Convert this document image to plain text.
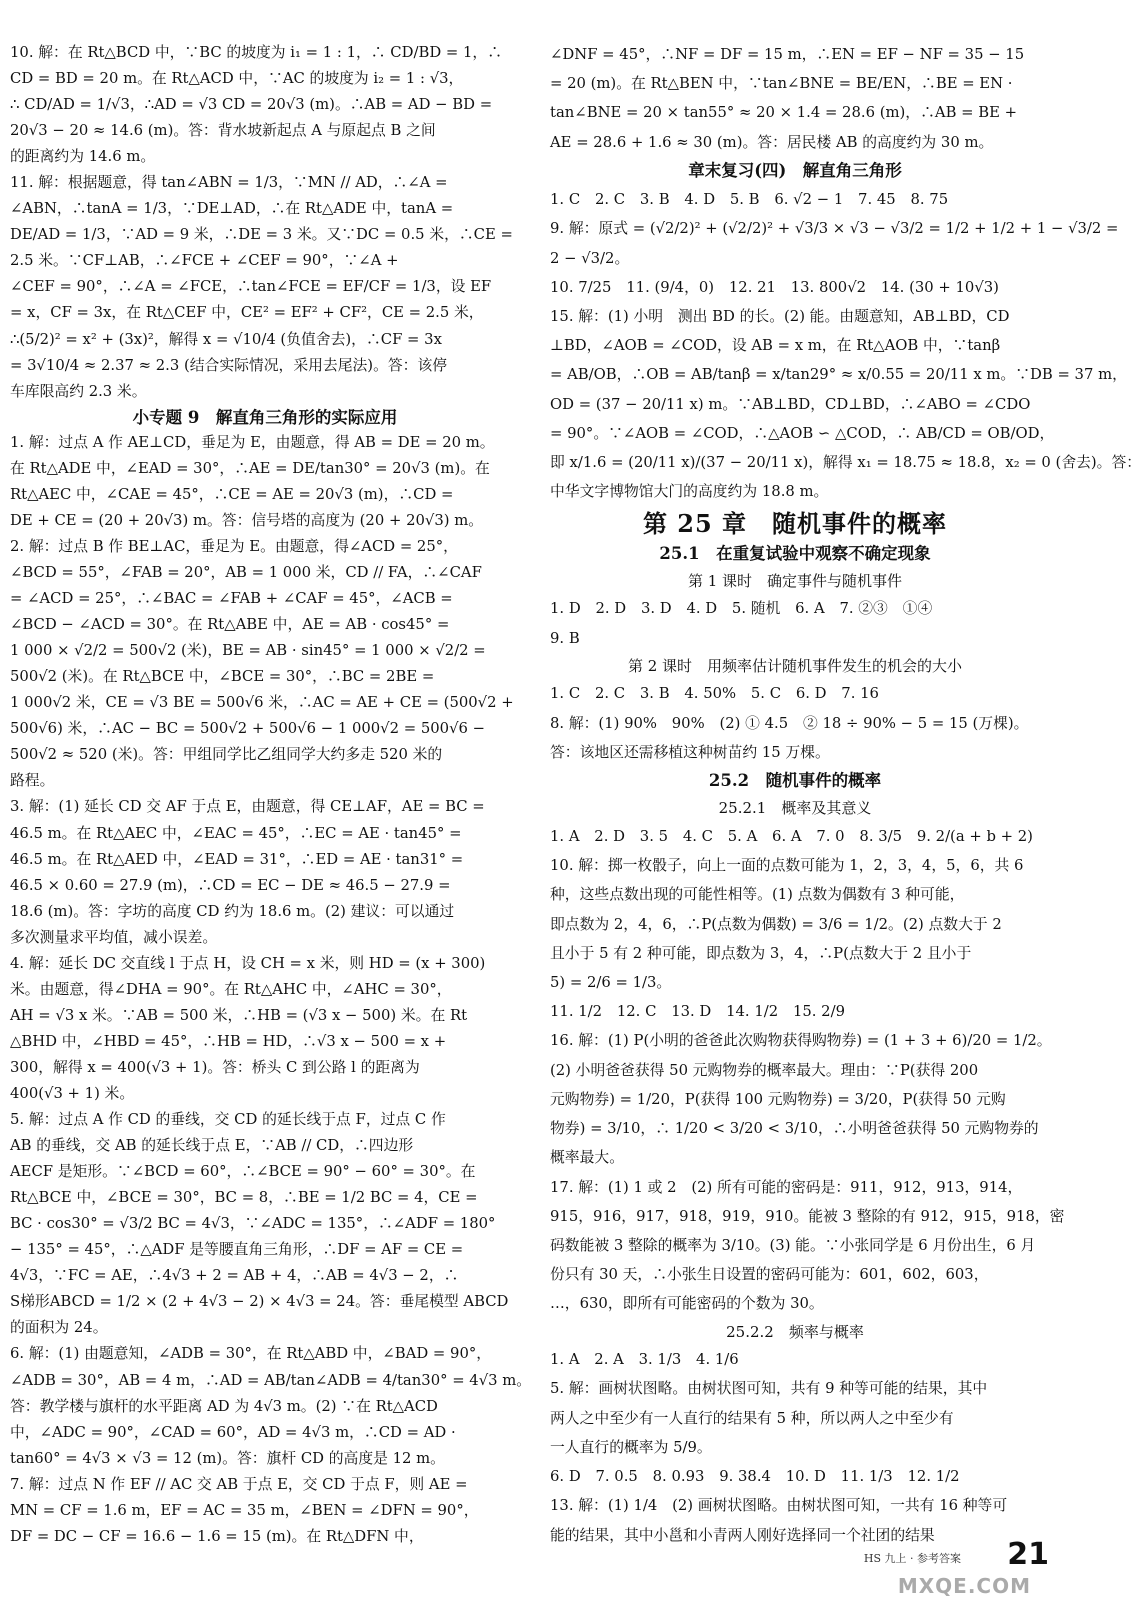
10. 解：在 Rt△BCD 中，∵BC 的坡度为 i₁ = 1 : 1，∴ CD/BD = 1，∴
CD = BD = 20 m。在 Rt△ACD 中，∵AC 的坡度为 i₂ = 1 : √3，
∴ CD/AD = 1/√3，∴AD = √3 CD = 20√3 (m)。∴AB = AD − BD =
20√3 − 20 ≈ 14.6 (m)。答：背水坡新起点 A 与原起点 B 之间
的距离约为 14.6 m。
11. 解：根据题意，得 tan∠ABN = 1/3，∵MN // AD，∴∠A =
∠ABN，∴tanA = 1/3，∵DE⊥AD，∴在 Rt△ADE 中，tanA =
DE/AD = 1/3，∵AD = 9 米，∴DE = 3 米。又∵DC = 0.5 米，∴CE =
2.5 米。∵CF⊥AB，∴∠FCE + ∠CEF = 90°，∵∠A +
∠CEF = 90°，∴∠A = ∠FCE，∴tan∠FCE = EF/CF = 1/3，设 EF
= x，CF = 3x，在 Rt△CEF 中，CE² = EF² + CF²，CE = 2.5 米，
∴(5/2)² = x² + (3x)²，解得 x = √10/4 (负值舍去)，∴CF = 3x
= 3√10/4 ≈ 2.37 ≈ 2.3 (结合实际情况，采用去尾法)。答：该停
车库限高约 2.3 米。
小专题 9　解直角三角形的实际应用
1. 解：过点 A 作 AE⊥CD，垂足为 E，由题意，得 AB = DE = 20 m。
在 Rt△ADE 中，∠EAD = 30°，∴AE = DE/tan30° = 20√3 (m)。在
Rt△AEC 中，∠CAE = 45°，∴CE = AE = 20√3 (m)，∴CD =
DE + CE = (20 + 20√3) m。答：信号塔的高度为 (20 + 20√3) m。
2. 解：过点 B 作 BE⊥AC，垂足为 E。由题意，得∠ACD = 25°，
∠BCD = 55°，∠FAB = 20°，AB = 1 000 米，CD // FA，∴∠CAF
= ∠ACD = 25°，∴∠BAC = ∠FAB + ∠CAF = 45°，∠ACB =
∠BCD − ∠ACD = 30°。在 Rt△ABE 中，AE = AB · cos45° =
1 000 × √2/2 = 500√2 (米)，BE = AB · sin45° = 1 000 × √2/2 =
500√2 (米)。在 Rt△BCE 中，∠BCE = 30°，∴BC = 2BE =
1 000√2 米，CE = √3 BE = 500√6 米，∴AC = AE + CE = (500√2 +
500√6) 米，∴AC − BC = 500√2 + 500√6 − 1 000√2 = 500√6 −
500√2 ≈ 520 (米)。答：甲组同学比乙组同学大约多走 520 米的
路程。
3. 解：(1) 延长 CD 交 AF 于点 E，由题意，得 CE⊥AF，AE = BC =
46.5 m。在 Rt△AEC 中，∠EAC = 45°，∴EC = AE · tan45° =
46.5 m。在 Rt△AED 中，∠EAD = 31°，∴ED = AE · tan31° =
46.5 × 0.60 = 27.9 (m)，∴CD = EC − DE ≈ 46.5 − 27.9 =
18.6 (m)。答：字坊的高度 CD 约为 18.6 m。(2) 建议：可以通过
多次测量求平均值，减小误差。
4. 解：延长 DC 交直线 l 于点 H，设 CH = x 米，则 HD = (x + 300)
米。由题意，得∠DHA = 90°。在 Rt△AHC 中，∠AHC = 30°，
AH = √3 x 米。∵AB = 500 米，∴HB = (√3 x − 500) 米。在 Rt
△BHD 中，∠HBD = 45°，∴HB = HD，∴√3 x − 500 = x +
300，解得 x = 400(√3 + 1)。答：桥头 C 到公路 l 的距离为
400(√3 + 1) 米。
5. 解：过点 A 作 CD 的垂线，交 CD 的延长线于点 F，过点 C 作
AB 的垂线，交 AB 的延长线于点 E，∵AB // CD，∴四边形
AECF 是矩形。∵∠BCD = 60°，∴∠BCE = 90° − 60° = 30°。在
Rt△BCE 中，∠BCE = 30°，BC = 8，∴BE = 1/2 BC = 4，CE =
BC · cos30° = √3/2 BC = 4√3，∵∠ADC = 135°，∴∠ADF = 180°
− 135° = 45°，∴△ADF 是等腰直角三角形，∴DF = AF = CE =
4√3，∵FC = AE，∴4√3 + 2 = AB + 4，∴AB = 4√3 − 2，∴
S梯形ABCD = 1/2 × (2 + 4√3 − 2) × 4√3 = 24。答：垂尾模型 ABCD
的面积为 24。
6. 解：(1) 由题意知，∠ADB = 30°，在 Rt△ABD 中，∠BAD = 90°，
∠ADB = 30°，AB = 4 m，∴AD = AB/tan∠ADB = 4/tan30° = 4√3 m。
答：教学楼与旗杆的水平距离 AD 为 4√3 m。(2) ∵在 Rt△ACD
中，∠ADC = 90°，∠CAD = 60°，AD = 4√3 m，∴CD = AD ·
tan60° = 4√3 × √3 = 12 (m)。答：旗杆 CD 的高度是 12 m。
7. 解：过点 N 作 EF // AC 交 AB 于点 E，交 CD 于点 F，则 AE =
MN = CF = 1.6 m，EF = AC = 35 m，∠BEN = ∠DFN = 90°，
DF = DC − CF = 16.6 − 1.6 = 15 (m)。在 Rt△DFN 中，
∠DNF = 45°，∴NF = DF = 15 m，∴EN = EF − NF = 35 − 15
= 20 (m)。在 Rt△BEN 中，∵tan∠BNE = BE/EN，∴BE = EN ·
tan∠BNE = 20 × tan55° ≈ 20 × 1.4 = 28.6 (m)，∴AB = BE +
AE = 28.6 + 1.6 ≈ 30 (m)。答：居民楼 AB 的高度约为 30 m。
章末复习(四)　解直角三角形
1. C　2. C　3. B　4. D　5. B　6. √2 − 1　7. 45　8. 75
9. 解：原式 = (√2/2)² + (√2/2)² + √3/3 × √3 − √3/2 = 1/2 + 1/2 + 1 − √3/2 =
2 − √3/2。
10. 7/25　11. (9/4，0)　12. 21　13. 800√2　14. (30 + 10√3)
15. 解：(1) 小明　测出 BD 的长。(2) 能。由题意知，AB⊥BD，CD
⊥BD，∠AOB = ∠COD，设 AB = x m，在 Rt△AOB 中，∵tanβ
= AB/OB，∴OB = AB/tanβ = x/tan29° ≈ x/0.55 = 20/11 x m。∵DB = 37 m，
OD = (37 − 20/11 x) m。∵AB⊥BD，CD⊥BD，∴∠ABO = ∠CDO
= 90°。∵∠AOB = ∠COD，∴△AOB ∽ △COD，∴ AB/CD = OB/OD，
即 x/1.6 = (20/11 x)/(37 − 20/11 x)，解得 x₁ = 18.75 ≈ 18.8，x₂ = 0 (舍去)。答：
中华文字博物馆大门的高度约为 18.8 m。
第 25 章　随机事件的概率
25.1　在重复试验中观察不确定现象
第 1 课时　确定事件与随机事件
1. D　2. D　3. D　4. D　5. 随机　6. A　7. ②③　①④
9. B
第 2 课时　用频率估计随机事件发生的机会的大小
1. C　2. C　3. B　4. 50%　5. C　6. D　7. 16
8. 解：(1) 90%　90%　(2) ① 4.5　② 18 ÷ 90% − 5 = 15 (万棵)。
答：该地区还需移植这种树苗约 15 万棵。
25.2　随机事件的概率
25.2.1　概率及其意义
1. A　2. D　3. 5　4. C　5. A　6. A　7. 0　8. 3/5　9. 2/(a + b + 2)
10. 解：掷一枚骰子，向上一面的点数可能为 1，2，3，4，5，6，共 6
种，这些点数出现的可能性相等。(1) 点数为偶数有 3 种可能，
即点数为 2，4，6，∴P(点数为偶数) = 3/6 = 1/2。(2) 点数大于 2
且小于 5 有 2 种可能，即点数为 3，4，∴P(点数大于 2 且小于
5) = 2/6 = 1/3。
11. 1/2　12. C　13. D　14. 1/2　15. 2/9
16. 解：(1) P(小明的爸爸此次购物获得购物券) = (1 + 3 + 6)/20 = 1/2。
(2) 小明爸爸获得 50 元购物券的概率最大。理由：∵P(获得 200
元购物券) = 1/20，P(获得 100 元购物券) = 3/20，P(获得 50 元购
物券) = 3/10，∴ 1/20 < 3/20 < 3/10，∴小明爸爸获得 50 元购物券的
概率最大。
17. 解：(1) 1 或 2　(2) 所有可能的密码是：911，912，913，914，
915，916，917，918，919，910。能被 3 整除的有 912，915，918，密
码数能被 3 整除的概率为 3/10。(3) 能。∵小张同学是 6 月份出生，6 月
份只有 30 天，∴小张生日设置的密码可能为：601，602，603，
…，630，即所有可能密码的个数为 30。
25.2.2　频率与概率
1. A　2. A　3. 1/3　4. 1/6
5. 解：画树状图略。由树状图可知，共有 9 种等可能的结果，其中
两人之中至少有一人直行的结果有 5 种，所以两人之中至少有
一人直行的概率为 5/9。
6. D　7. 0.5　8. 0.93　9. 38.4　10. D　11. 1/3　12. 1/2
13. 解：(1) 1/4　(2) 画树状图略。由树状图可知，一共有 16 种等可
能的结果，其中小邕和小青两人刚好选择同一个社团的结果
HS 九上 · 参考答案 21
MXQE.COM
